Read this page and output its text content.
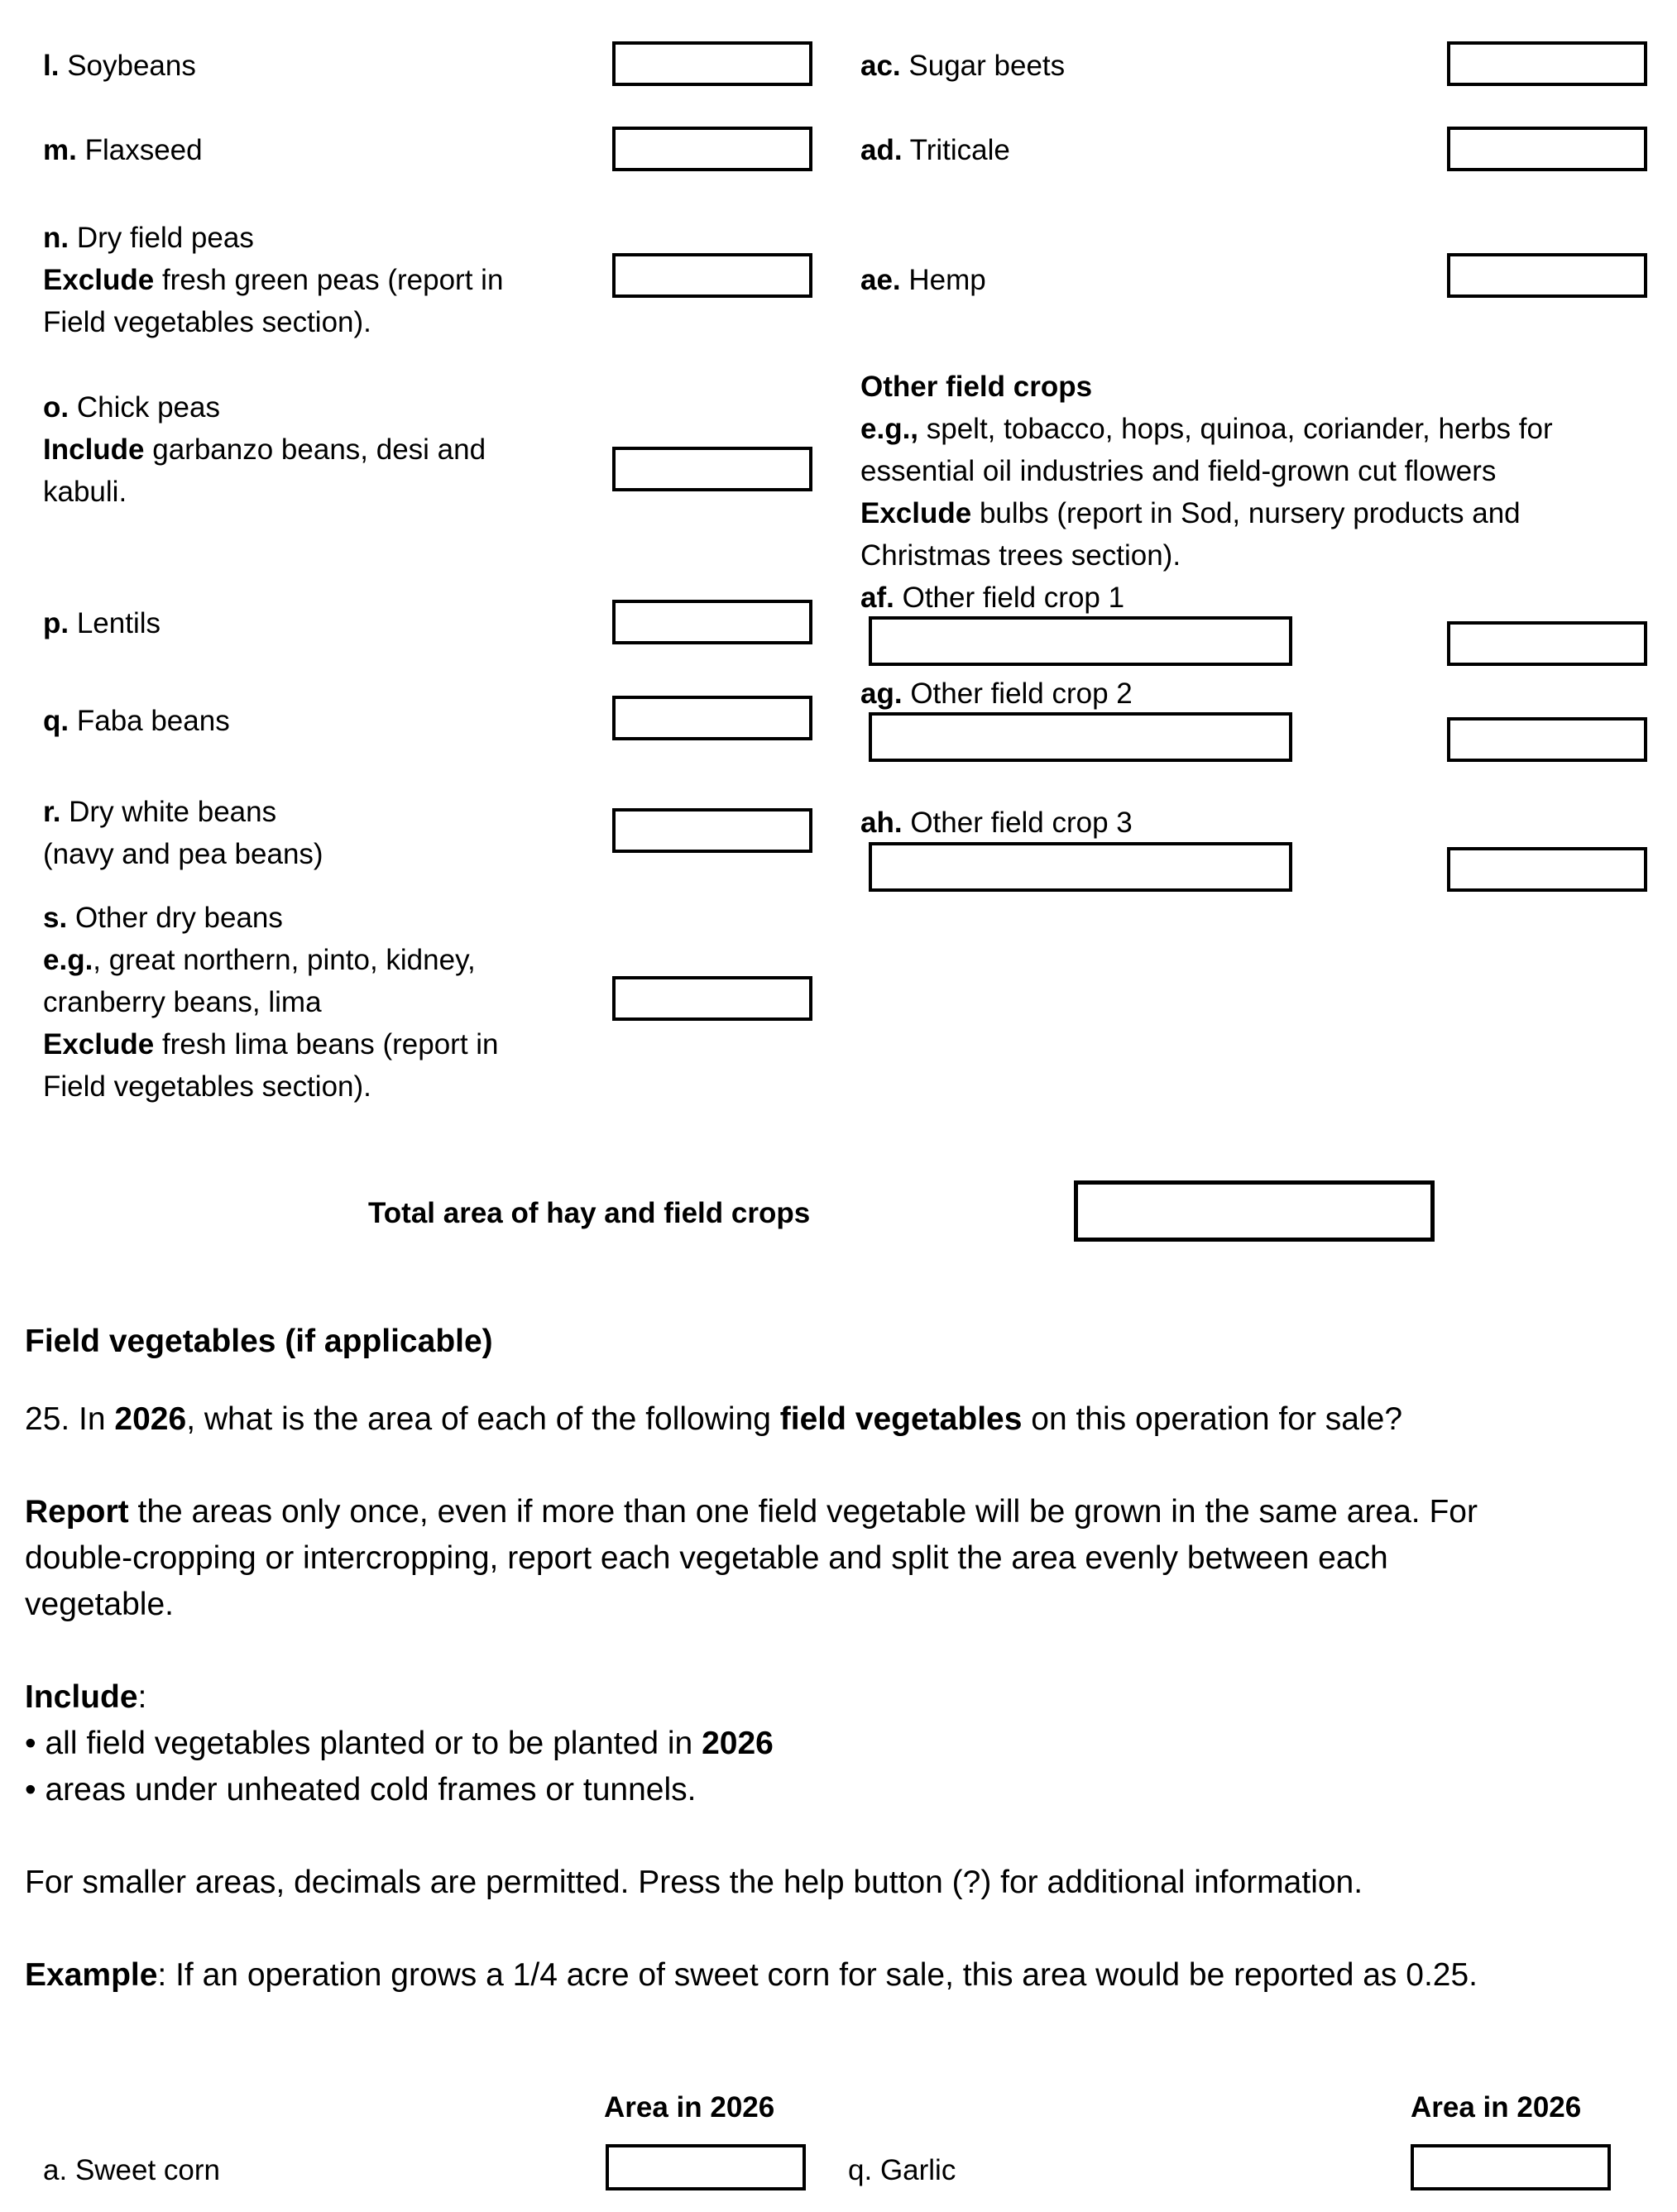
l. Soybeans
m. Flaxseed
n. Dry field peas
Exclude fresh green peas (report in
Field vegetables section).
o. Chick peas
Include garbanzo beans, desi and
kabuli.
p. Lentils
q. Faba beans
r. Dry white beans
(navy and pea beans)
s. Other dry beans
e.g., great northern, pinto, kidney,
cranberry beans, lima
Exclude fresh lima beans (report in
Field vegetables section).
ac. Sugar beets
ad. Triticale
ae. Hemp
Other field crops
e.g., spelt, tobacco, hops, quinoa, coriander, herbs for
essential oil industries and field-grown cut flowers
Exclude bulbs (report in Sod, nursery products and
Christmas trees section).
af. Other field crop 1
ag. Other field crop 2
ah. Other field crop 3
Total area of hay and field crops
Field vegetables (if applicable)
25. In 2026, what is the area of each of the following field vegetables on this operation for sale?
Report the areas only once, even if more than one field vegetable will be grown in the same area. For
double-cropping or intercropping, report each vegetable and split the area evenly between each
vegetable.
Include:
• all field vegetables planted or to be planted in 2026
• areas under unheated cold frames or tunnels.
For smaller areas, decimals are permitted. Press the help button (?) for additional information.
Example: If an operation grows a 1/4 acre of sweet corn for sale, this area would be reported as 0.25.
Area in 2026	Area in 2026
a. Sweet corn	q. Garlic
